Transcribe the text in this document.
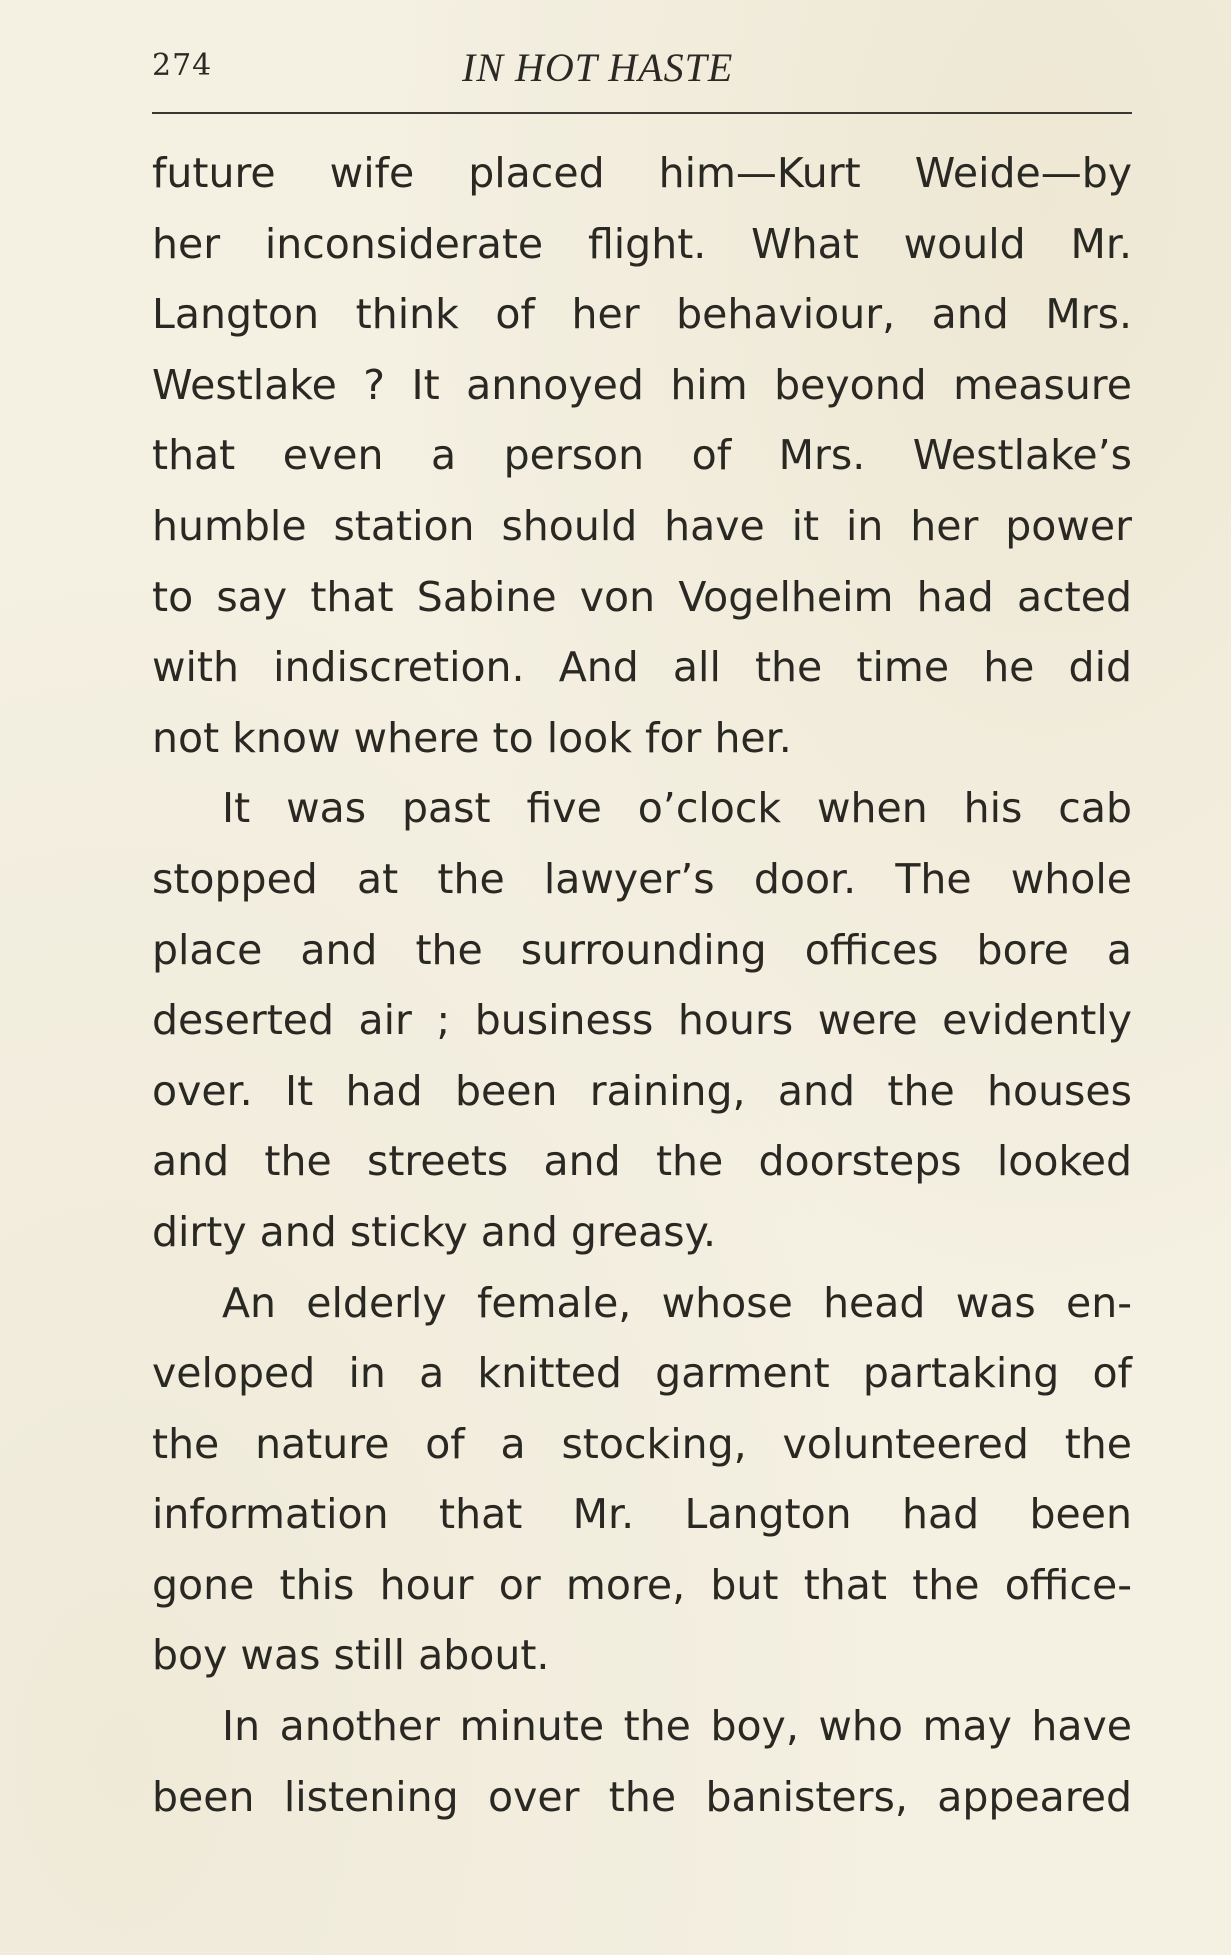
274	IN HOT HASTE
future wife placed him—Kurt Weide—by
her inconsiderate flight. What would Mr.
Langton think of her behaviour, and Mrs.
Westlake ? It annoyed him beyond measure
that even a person of Mrs. Westlake’s
humble station should have it in her power
to say that Sabine von Vogelheim had acted
with indiscretion. And all the time he did
not know where to look for her.
It was past five o’clock when his cab
stopped at the lawyer’s door. The whole
place and the surrounding offices bore a
deserted air ; business hours were evidently
over. It had been raining, and the houses
and the streets and the doorsteps looked
dirty and sticky and greasy.
An elderly female, whose head was en-
veloped in a knitted garment partaking of
the nature of a stocking, volunteered the
information that Mr. Langton had been
gone this hour or more, but that the office-
boy was still about.
In another minute the boy, who may have
been listening over the banisters, appeared
